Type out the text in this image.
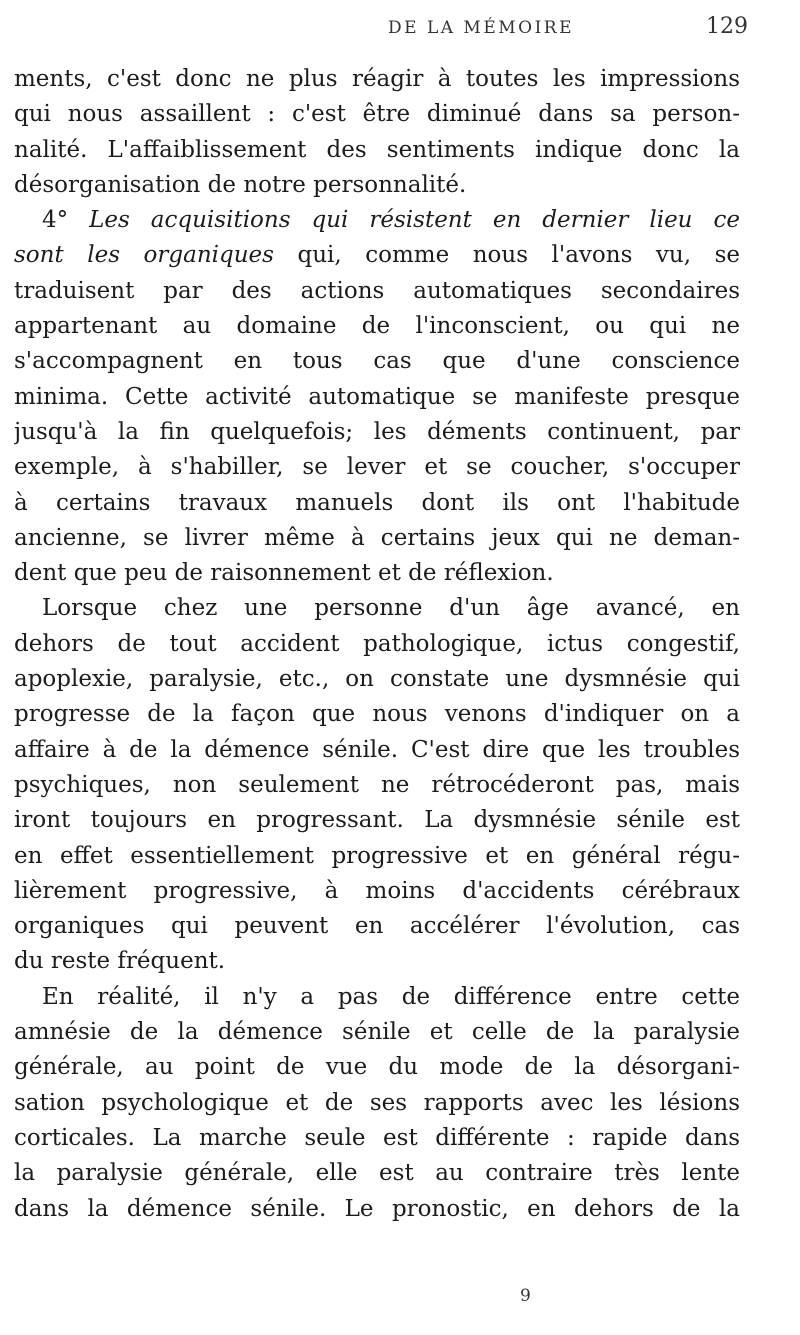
DE LA MÉMOIRE	129
ments, c'est donc ne plus réagir à toutes les impressions
qui nous assaillent : c'est être diminué dans sa person-
nalité. L'affaiblissement des sentiments indique donc la
désorganisation de notre personnalité.
4° Les acquisitions qui résistent en dernier lieu ce
sont les organiques qui, comme nous l'avons vu, se
traduisent par des actions automatiques secondaires
appartenant au domaine de l'inconscient, ou qui ne
s'accompagnent en tous cas que d'une conscience
minima. Cette activité automatique se manifeste presque
jusqu'à la fin quelquefois; les déments continuent, par
exemple, à s'habiller, se lever et se coucher, s'occuper
à certains travaux manuels dont ils ont l'habitude
ancienne, se livrer même à certains jeux qui ne deman-
dent que peu de raisonnement et de réflexion.
Lorsque chez une personne d'un âge avancé, en
dehors de tout accident pathologique, ictus congestif,
apoplexie, paralysie, etc., on constate une dysmnésie qui
progresse de la façon que nous venons d'indiquer on a
affaire à de la démence sénile. C'est dire que les troubles
psychiques, non seulement ne rétrocéderont pas, mais
iront toujours en progressant. La dysmnésie sénile est
en effet essentiellement progressive et en général régu-
lièrement progressive, à moins d'accidents cérébraux
organiques qui peuvent en accélérer l'évolution, cas
du reste fréquent.
En réalité, il n'y a pas de différence entre cette
amnésie de la démence sénile et celle de la paralysie
générale, au point de vue du mode de la désorgani-
sation psychologique et de ses rapports avec les lésions
corticales. La marche seule est différente : rapide dans
la paralysie générale, elle est au contraire très lente
dans la démence sénile. Le pronostic, en dehors de la
9
